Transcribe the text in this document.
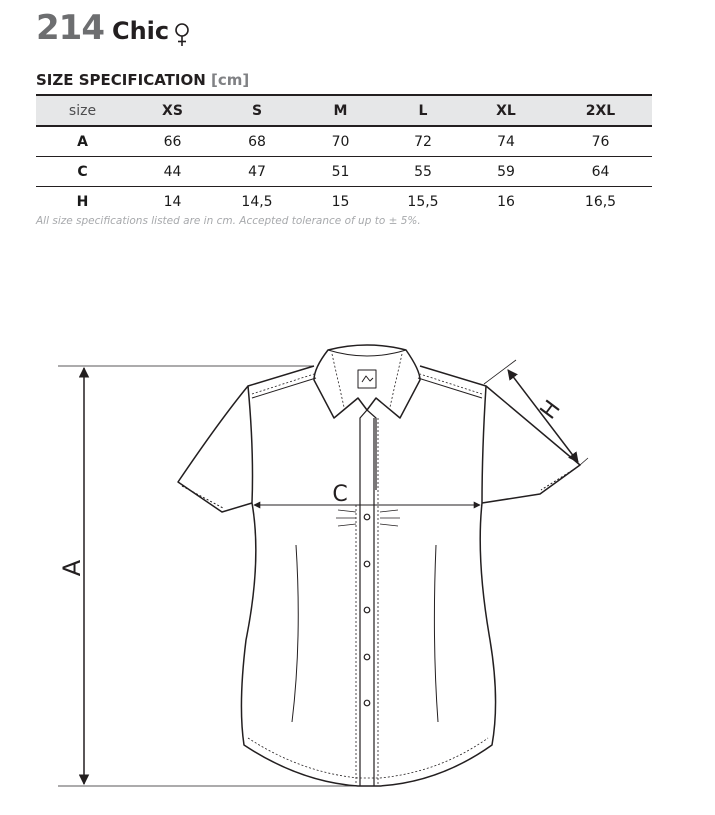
214 Chic
SIZE SPECIFICATION [cm]
size	XS	S	M	L	XL	2XL
A	66	68	70	72	74	76
C	44	47	51	55	59	64
H	14	14,5	15	15,5	16	16,5
All size specifications listed are in cm. Accepted tolerance of up to ± 5%.
A
C
H
